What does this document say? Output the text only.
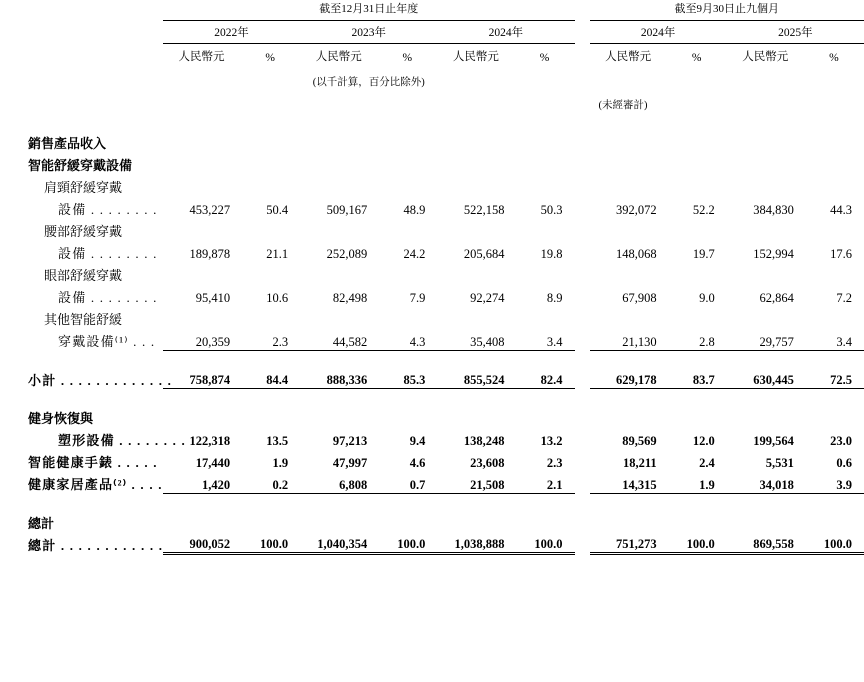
	截至12月31日止年度							截至9月30日止九個月			

	2022年		2023年		2024年			2024年		2025年	

	人民幣元	%	人民幣元	%	人民幣元	%		人民幣元	%	人民幣元	%
	(以千計算，百分比除外)										
							(未經審計)				

銷售產品收入											
智能舒緩穿戴設備											
肩頸舒緩穿戴											
設備 . . . . . . . .	453,227	50.4	509,167	48.9	522,158	50.3		392,072	52.2	384,830	44.3
腰部舒緩穿戴											
設備 . . . . . . . .	189,878	21.1	252,089	24.2	205,684	19.8		148,068	19.7	152,994	17.6
眼部舒緩穿戴											
設備 . . . . . . . .	95,410	10.6	82,498	7.9	92,274	8.9		67,908	9.0	62,864	7.2
其他智能舒緩											
穿戴設備⁽¹⁾ . . .	20,359	2.3	44,582	4.3	35,408	3.4		21,130	2.8	29,757	3.4

小計 . . . . . . . . . . . . .	758,874	84.4	888,336	85.3	855,524	82.4		629,178	83.7	630,445	72.5

健身恢復與											
塑形設備 . . . . . . . .	122,318	13.5	97,213	9.4	138,248	13.2		89,569	12.0	199,564	23.0
智能健康手錶 . . . . .	17,440	1.9	47,997	4.6	23,608	2.3		18,211	2.4	5,531	0.6
健康家居產品⁽²⁾ . . . .	1,420	0.2	6,808	0.7	21,508	2.1		14,315	1.9	34,018	3.9

總計											
總計 . . . . . . . . . . . .	900,052	100.0	1,040,354	100.0	1,038,888	100.0		751,273	100.0	869,558	100.0
